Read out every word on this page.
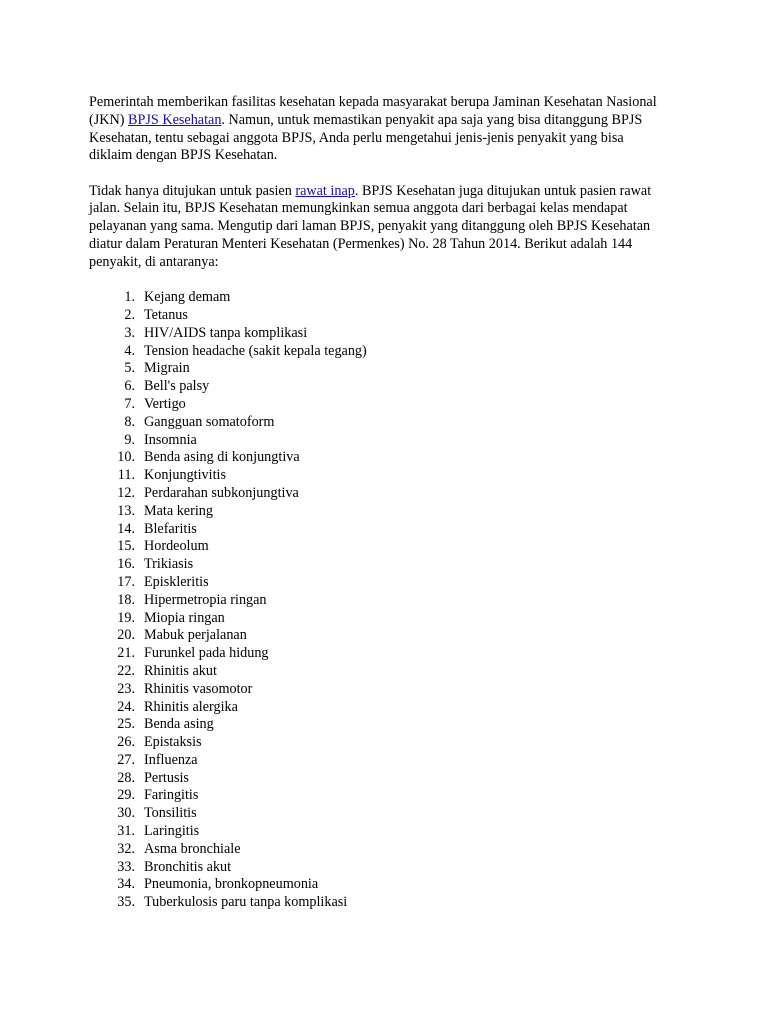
Pemerintah memberikan fasilitas kesehatan kepada masyarakat berupa Jaminan Kesehatan Nasional (JKN) BPJS Kesehatan. Namun, untuk memastikan penyakit apa saja yang bisa ditanggung BPJS Kesehatan, tentu sebagai anggota BPJS, Anda perlu mengetahui jenis-jenis penyakit yang bisa diklaim dengan BPJS Kesehatan.

Tidak hanya ditujukan untuk pasien rawat inap. BPJS Kesehatan juga ditujukan untuk pasien rawat jalan. Selain itu, BPJS Kesehatan memungkinkan semua anggota dari berbagai kelas mendapat pelayanan yang sama. Mengutip dari laman BPJS, penyakit yang ditanggung oleh BPJS Kesehatan diatur dalam Peraturan Menteri Kesehatan (Permenkes) No. 28 Tahun 2014. Berikut adalah 144 penyakit, di antaranya:

1. Kejang demam
2. Tetanus
3. HIV/AIDS tanpa komplikasi
4. Tension headache (sakit kepala tegang)
5. Migrain
6. Bell's palsy
7. Vertigo
8. Gangguan somatoform
9. Insomnia
10. Benda asing di konjungtiva
11. Konjungtivitis
12. Perdarahan subkonjungtiva
13. Mata kering
14. Blefaritis
15. Hordeolum
16. Trikiasis
17. Episkleritis
18. Hipermetropia ringan
19. Miopia ringan
20. Mabuk perjalanan
21. Furunkel pada hidung
22. Rhinitis akut
23. Rhinitis vasomotor
24. Rhinitis alergika
25. Benda asing
26. Epistaksis
27. Influenza
28. Pertusis
29. Faringitis
30. Tonsilitis
31. Laringitis
32. Asma bronchiale
33. Bronchitis akut
34. Pneumonia, bronkopneumonia
35. Tuberkulosis paru tanpa komplikasi
